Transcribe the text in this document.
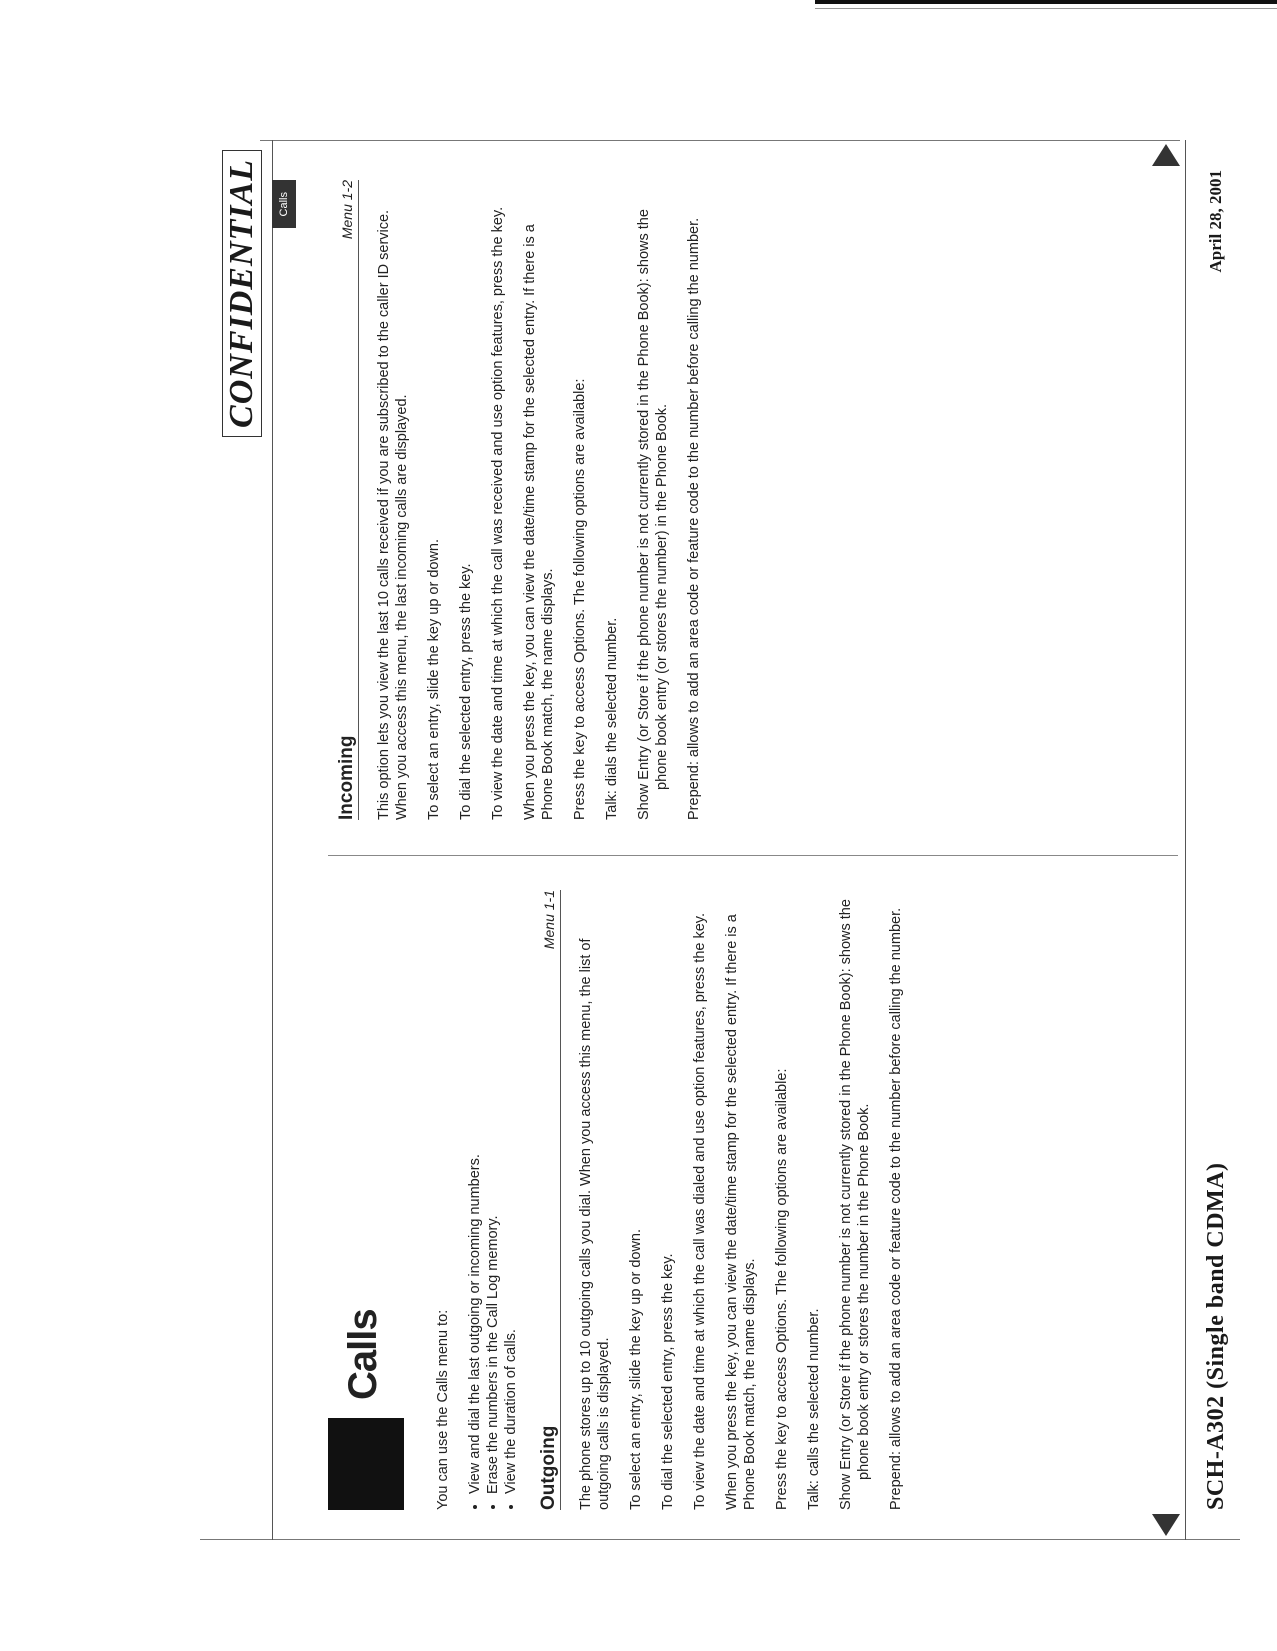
CONFIDENTIAL
Calls	You can use the Calls menu to: • View and dial the last outgoing or incoming numbers. • Erase the numbers in the Call Log memory. • View the duration of calls. Outgoing
Menu 1-1

The phone stores up to 10 outgoing calls you dial. When you access this menu, the list of outgoing calls is displayed. To select an entry, slide the key up or down. To dial the selected entry, press the key. To view the date and time at which the call was dialed and use option features, press the key. When you press the key, you can view the date/time stamp for the selected entry. If there is a Phone Book match, the name displays. Press the key to access Options. The following options are available: Talk: calls the selected number. Show Entry (or Store if the phone number is not currently stored in the Phone Book): shows the phone book entry or stores the number in the Phone Book. Prepend: allows to add an area code or feature code to the number before calling the number.

Calls
Incoming
Menu 1-2

This option lets you view the last 10 calls received if you are subscribed to the caller ID service. When you access this menu, the last incoming calls are displayed. To select an entry, slide the key up or down. To dial the selected entry, press the key. To view the date and time at which the call was received and use option features, press the key. When you press the key, you can view the date/time stamp for the selected entry. If there is a Phone Book match, the name displays. Press the key to access Options. The following options are available: Talk: dials the selected number. Show Entry (or Store if the phone number is not currently stored in the Phone Book): shows the phone book entry (or stores the number) in the Phone Book. Prepend: allows to add an area code or feature code to the number before calling the number.

SCH-A302 (Single band CDMA)
April 28, 2001
